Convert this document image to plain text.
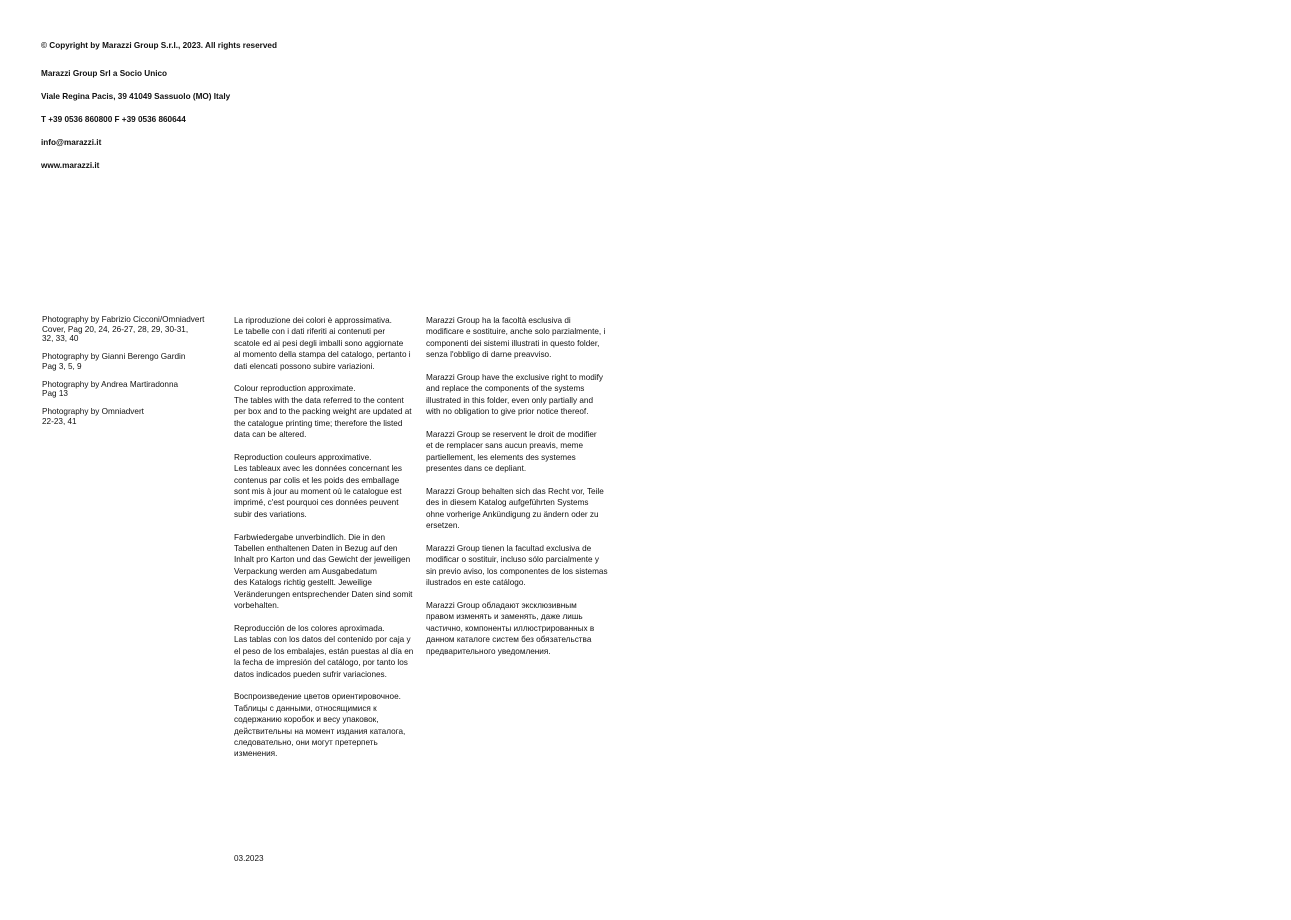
© Copyright by Marazzi Group S.r.l., 2023. All rights reserved

Marazzi Group Srl a Socio Unico

Viale Regina Pacis, 39 41049 Sassuolo (MO) Italy

T +39 0536 860800 F +39 0536 860644

info@marazzi.it

www.marazzi.it

Photography by Fabrizio Cicconi/Omniadvert
Cover, Pag 20, 24, 26-27, 28, 29, 30-31,
32, 33, 40

Photography by Gianni Berengo Gardin
Pag 3, 5, 9

Photography by Andrea Martiradonna
Pag 13

Photography by Omniadvert
22-23, 41

La riproduzione dei colori è approssimativa.
Le tabelle con i dati riferiti ai contenuti per
scatole ed ai pesi degli imballi sono aggiornate
al momento della stampa del catalogo, pertanto i
dati elencati possono subire variazioni.

Colour reproduction approximate.
The tables with the data referred to the content
per box and to the packing weight are updated at
the catalogue printing time; therefore the listed
data can be altered.

Reproduction couleurs approximative.
Les tableaux avec les données concernant les
contenus par colis et les poids des emballage
sont mis à jour au moment où le catalogue est
imprimé, c'est pourquoi ces données peuvent
subir des variations.

Farbwiedergabe unverbindlich. Die in den
Tabellen enthaltenen Daten in Bezug auf den
Inhalt pro Karton und das Gewicht der jeweiligen
Verpackung werden am Ausgabedatum
des Katalogs richtig gestellt. Jeweilige
Veränderungen entsprechender Daten sind somit
vorbehalten.

Reproducción de los colores aproximada.
Las tablas con los datos del contenido por caja y
el peso de los embalajes, están puestas al día en
la fecha de impresión del catálogo, por tanto los
datos indicados pueden sufrir variaciones.

Воспроизведение цветов ориентировочное.
Таблицы с данными, относящимися к
содержанию коробок и весу упаковок,
действительны на момент издания каталога,
следовательно, они могут претерпеть
изменения.

Marazzi Group ha la facoltà esclusiva di
modificare e sostituire, anche solo parzialmente, i
componenti dei sistemi illustrati in questo folder,
senza l'obbligo di darne preavviso.

Marazzi Group have the exclusive right to modify
and replace the components of the systems
illustrated in this folder, even only partially and
with no obligation to give prior notice thereof.

Marazzi Group se reservent le droit de modifier
et de remplacer sans aucun preavis, meme
partiellement, les elements des systemes
presentes dans ce depliant.

Marazzi Group behalten sich das Recht vor, Teile
des in diesem Katalog aufgeführten Systems
ohne vorherige Ankündigung zu ändern oder zu
ersetzen.

Marazzi Group tienen la facultad exclusiva de
modificar o sostituir, incluso sólo parcialmente y
sin previo aviso, los componentes de los sistemas
ilustrados en este catálogo.

Marazzi Group обладают эксклюзивным
правом изменять и заменять, даже лишь
частично, компоненты иллюстрированных в
данном каталоге систем без обязательства
предварительного уведомления.

03.2023
